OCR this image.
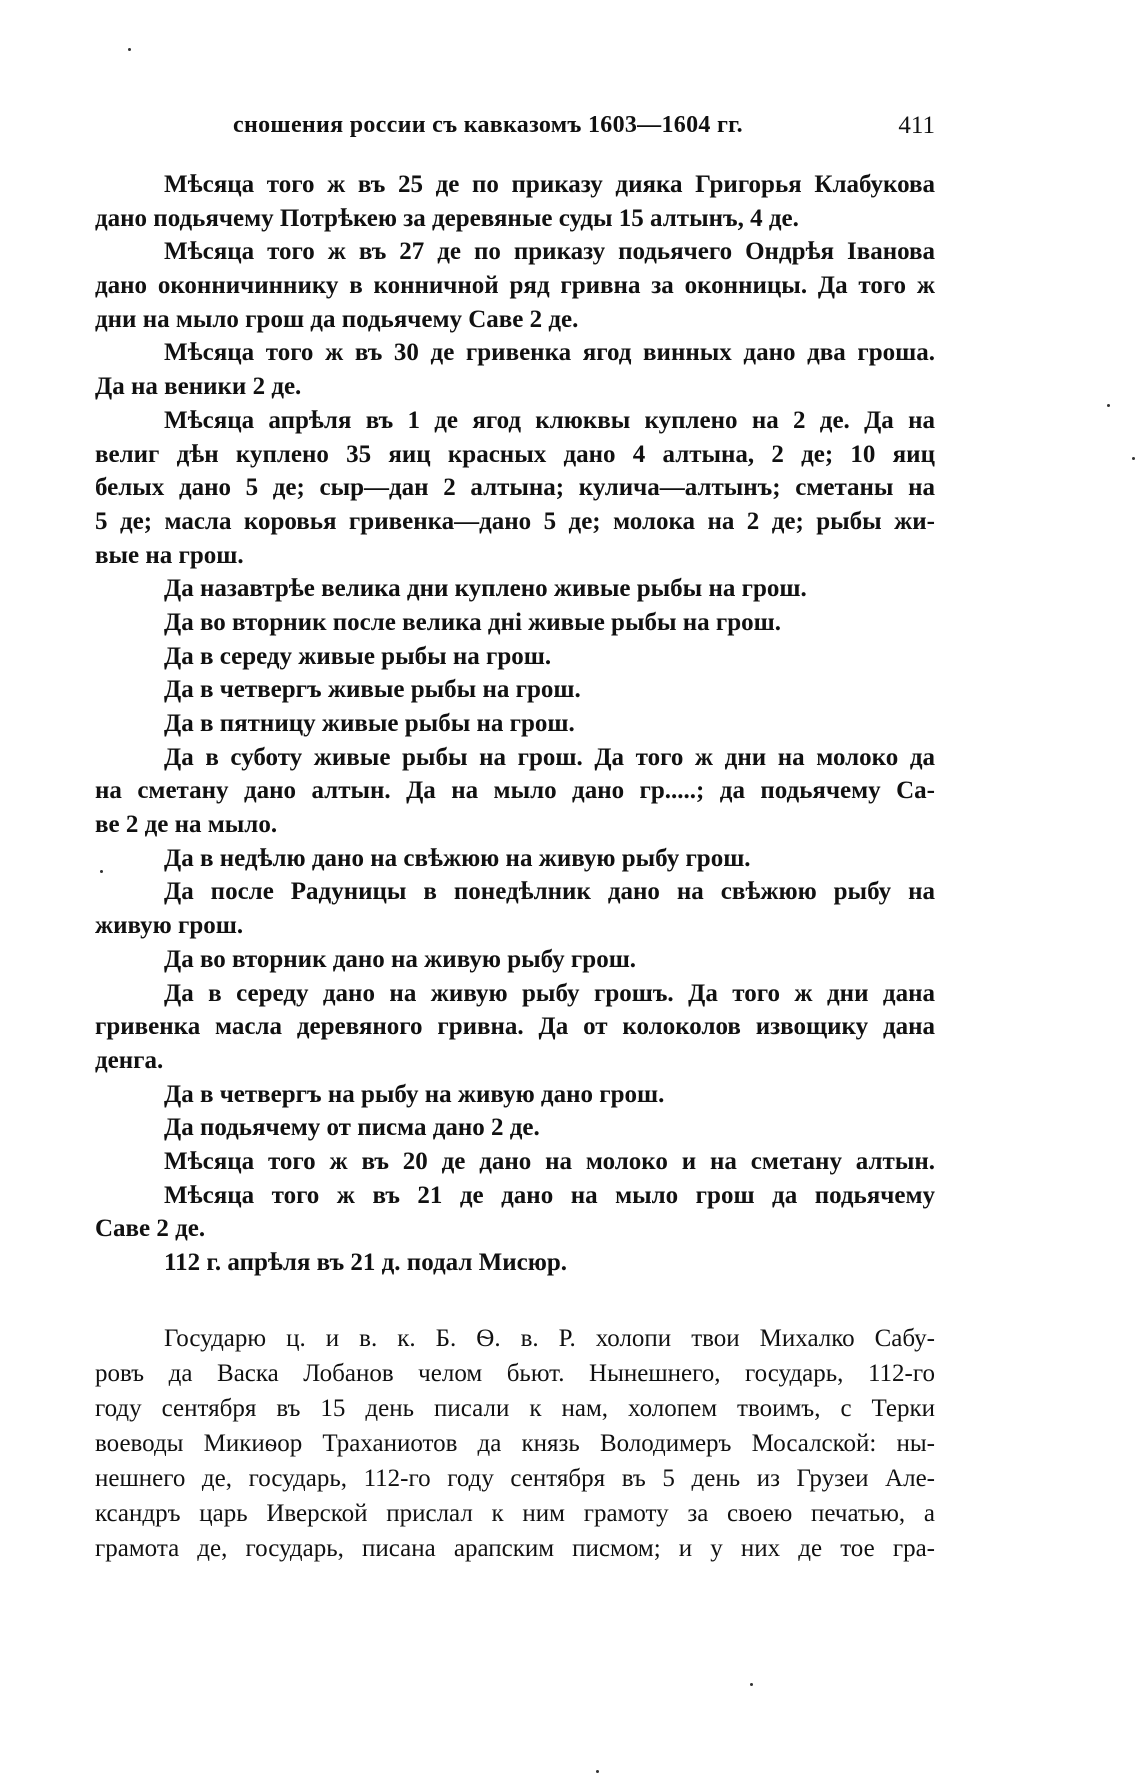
сношения россии съ кавказомъ 1603—1604 гг.	411
Мѣсяца того ж въ 25 де по приказу дияка Григорья Клабукова
дано подьячему Потрѣкею за деревяные суды 15 алтынъ, 4 де.
Мѣсяца того ж въ 27 де по приказу подьячего Ондрѣя Іванова
дано оконничиннику в конничной ряд гривна за оконницы. Да того ж
дни на мыло грош да подьячему Саве 2 де.
Мѣсяца того ж въ 30 де гривенка ягод винных дано два гроша.
Да на веники 2 де.
Мѣсяца апрѣля въ 1 де ягод клюквы куплено на 2 де. Да на
велиг дѣн куплено 35 яиц красных дано 4 алтына, 2 де; 10 яиц
белых дано 5 де; сыр—дан 2 алтына; кулича—алтынъ; сметаны на
5 де; масла коровья гривенка—дано 5 де; молока на 2 де; рыбы жи-
вые на грош.
Да назавтрѣе велика дни куплено живые рыбы на грош.
Да во вторник после велика днi живые рыбы на грош.
Да в середу живые рыбы на грош.
Да в четвергъ живые рыбы на грош.
Да в пятницу живые рыбы на грош.
Да в суботу живые рыбы на грош. Да того ж дни на молоко да
на сметану дано алтын. Да на мыло дано гр.....; да подьячему Са-
ве 2 де на мыло.
Да в недѣлю дано на свѣжюю на живую рыбу грош.
Да после Радуницы в понедѣлник дано на свѣжюю рыбу на
живую грош.
Да во вторник дано на живую рыбу грош.
Да в середу дано на живую рыбу грошъ. Да того ж дни дана
гривенка масла деревяного гривна. Да от колоколов извощику дана
денга.
Да в четвергъ на рыбу на живую дано грош.
Да подьячему от писма дано 2 де.
Мѣсяца того ж въ 20 де дано на молоко и на сметану алтын.
Мѣсяца того ж въ 21 де дано на мыло грош да подьячему
Саве 2 де.
112 г. апрѣля въ 21 д. подал Мисюр.
Государю ц. и в. к. Б. Ѳ. в. Р. холопи твои Михалко Сабу-
ровъ да Васка Лобанов челом бьют. Нынешнего, государь, 112-го
году сентября въ 15 день писали к нам, холопем твоимъ, с Терки
воеводы Микиѳор Траханиотов да князь Володимеръ Мосалской: ны-
нешнего де, государь, 112-го году сентября въ 5 день из Грузеи Але-
ксандръ царь Иверской прислал к ним грамоту за своею печатью, а
грамота де, государь, писана арапским писмом; и у них де тое гра-
